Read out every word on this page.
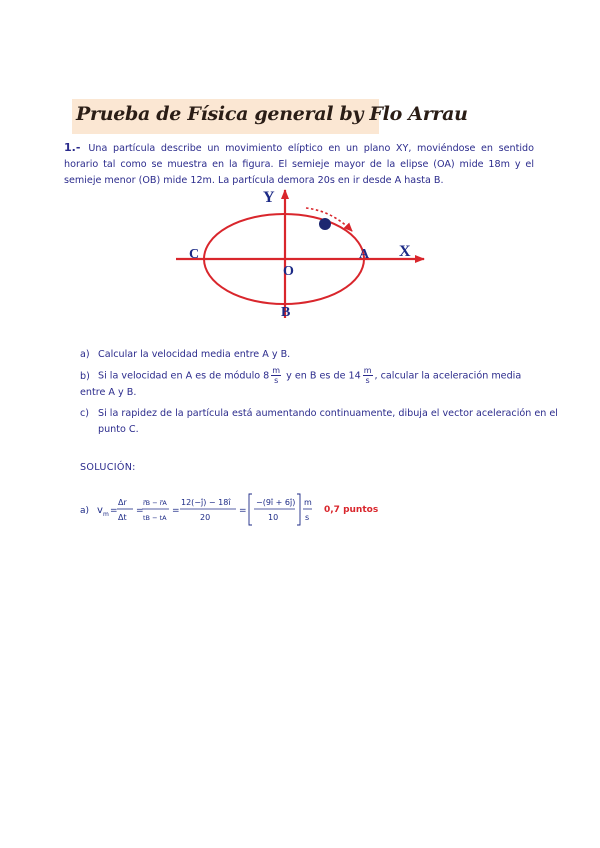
Prueba de Física general by Flo Arrau
1.- Una partícula describe un movimiento elíptico en un plano XY, moviéndose en sentido horario tal como se muestra en la figura. El semieje mayor de la elipse (OA) mide 18m y el semieje menor (OB) mide 12m. La partícula demora 20s en ir desde A hasta B.
Y
X
A
C
O
B
a) Calcular la velocidad media entre A y B.
b) Si la velocidad en A es de módulo $8 \frac{m}{s}$ y en B es de $14 \frac{m}{s}$ , calcular la aceleración media entre A y B.
c) Si la rapidez de la partícula está aumentando continuamente, dibuja el vector aceleración en el punto C.
SOLUCIÓN:
a) v m =
Δr
Δt
=
r⃗B − r⃗A
tB − tA
=
12(−ĵ) − 18î
20
=
−(9î + 6ĵ)
10
m
s
0,7 puntos
